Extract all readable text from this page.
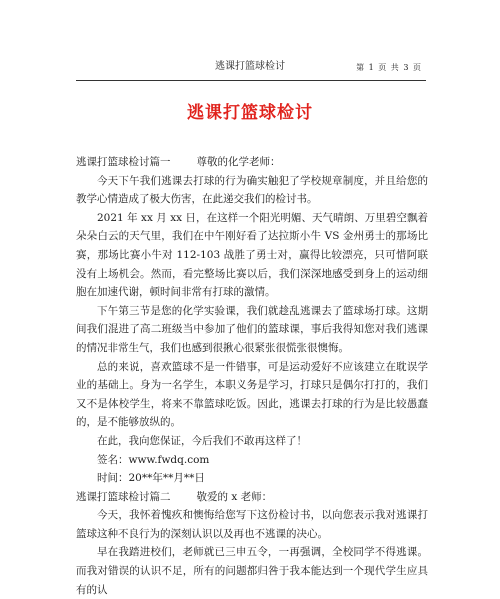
逃课打篮球检讨	第 1 页 共 3 页
逃课打篮球检讨

逃课打篮球检讨篇一 尊敬的化学老师：

今天下午我们逃课去打球的行为确实触犯了学校规章制度，并且给您的教学心情造成了极大伤害，在此递交我们的检讨书。

2021 年 xx 月 xx 日，在这样一个阳光明媚、天气晴朗、万里碧空飘着朵朵白云的天气里，我们在中午刚好看了达拉斯小牛 VS 金州勇士的那场比赛，那场比赛小牛对 112-103 战胜了勇士对，赢得比较漂亮，只可惜阿联没有上场机会。然而，看完整场比赛以后，我们深深地感受到身上的运动细胞在加速代谢，顿时间非常有打球的激情。

下午第三节是您的化学实验课，我们就趁乱逃课去了篮球场打球。这期间我们混进了高二班级当中参加了他们的篮球课，事后我得知您对我们逃课的情况非常生气，我们也感到很揪心很紧张很慌张很懊悔。

总的来说，喜欢篮球不是一件错事，可是运动爱好不应该建立在耽误学业的基础上。身为一名学生，本职义务是学习，打球只是偶尔打打的，我们又不是体校学生，将来不靠篮球吃饭。因此，逃课去打球的行为是比较愚蠢的，是不能够放纵的。

在此，我向您保证，今后我们不敢再这样了！

签名：www.fwdq.com

时间：20**年**月**日

逃课打篮球检讨篇二 敬爱的 x 老师：

今天，我怀着愧疚和懊悔给您写下这份检讨书，以向您表示我对逃课打篮球这种不良行为的深刻认识以及再也不逃课的决心。

早在我踏进校们，老师就已三申五令，一再强调，全校同学不得逃课。而我对错误的认识不足，所有的问题都归咎于我本能达到一个现代学生应具有的认
